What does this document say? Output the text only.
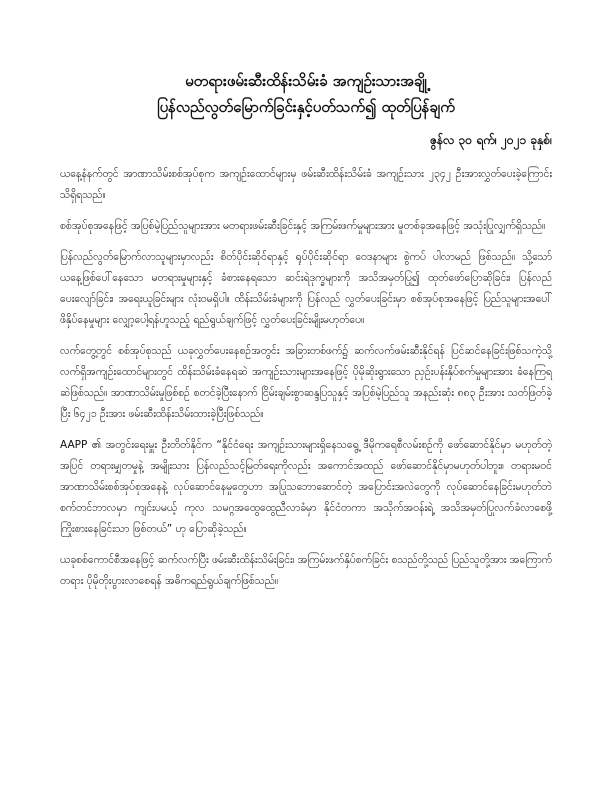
မတရားဖမ်းဆီးထိန်းသိမ်းခံ အကျဉ်းသားအချို့
ပြန်လည်လွတ်မြောက်ခြင်းနှင့်ပတ်သက်၍ ထုတ်ပြန်ချက်
ဇွန်လ ၃၀ ရက်၊ ၂၀၂၁ ခုနှစ်၊

ယနေ့နံနက်တွင် အာဏာသိမ်းစစ်အုပ်စုက အကျဉ်းထောင်များမှ ဖမ်းဆီးထိန်းသိမ်းခံ အကျဉ်းသား ၂၃၄၂ ဦးအားလွှတ်ပေးခဲ့ကြောင်း သိရှိရသည်။

စစ်အုပ်စုအနေဖြင့် အပြစ်မဲ့ပြည်သူများအား မတရားဖမ်းဆီးခြင်းနှင့် အကြမ်းဖက်မှုများအား မူတစ်ခုအနေဖြင့် အသုံးပြုလျှက်ရှိသည်။

ပြန်လည်လွတ်မြောက်လာသူများမှာလည်း စိတ်ပိုင်းဆိုင်ရာနှင့် ရုပ်ပိုင်းဆိုင်ရာ ဝေဒနာများ စွဲကပ် ပါလာမည် ဖြစ်သည်။ သို့သော် ယနေ့ဖြစ်ပေါ်နေသော မတရားမှုများနှင့် ခံစားနေရသော ဆင်းရဲဒုက္ခများကို အသိအမှတ်ပြု၍ ထုတ်ဖော်ပြောဆိုခြင်း၊ ပြန်လည်ပေးလျော်ခြင်း၊ အရေးယူခြင်းများ လုံးဝမရှိပါ။ ထိန်းသိမ်းခံများကို ပြန်လည် လွှတ်ပေးခြင်းမှာ စစ်အုပ်စုအနေဖြင့် ပြည်သူများအပေါ် ဖိနှိပ်နေမှုများ လျှော့ပေါ့ရန်ဟူသည့် ရည်ရွယ်ချက်ဖြင့် လွှတ်ပေးခြင်းမျိုးမဟုတ်ပေ။

လက်တွေ့တွင် စစ်အုပ်စုသည် ယခုလွှတ်ပေးနေစဉ်အတွင်း အခြားတစ်ဖက်၌ ဆက်လက်ဖမ်းဆီးနိုင်ရန် ပြင်ဆင်နေခြင်းဖြစ်သကဲ့သို့ လက်ရှိအကျဉ်းထောင်များတွင် ထိန်းသိမ်းခံနေရဆဲ အကျဉ်းသားများအနေဖြင့် ပိုမိုဆိုးရွားသော ညှဉ်းပန်းနှိပ်စက်မှုများအား ခံနေကြရဆဲဖြစ်သည်။ အာဏာသိမ်းမှုဖြစ်စဉ် စတင်ခဲ့ပြီးနောက် ငြိမ်းချမ်းစွာဆန္ဒပြသူနှင့် အပြစ်မဲ့ပြည်သူ အနည်းဆုံး ၈၈၃ ဦးအား သတ်ဖြတ်ခဲ့ပြီး ၆၄၂၁ ဦးအား ဖမ်းဆီးထိန်းသိမ်းထားခဲ့ပြီးဖြစ်သည်။

AAPP ၏ အတွင်းရေးမှူး ဦးတိတ်နိုင်က “နိုင်ငံရေး အကျဉ်းသားများရှိနေသရွေ့ ဒီမိုကရေစီလမ်းစဉ်ကို ဖော်ဆောင်နိုင်မှာ မဟုတ်တဲ့အပြင် တရားမျှတမှုနဲ့ အမျိုးသား ပြန်လည်သင့်မြတ်ရေးကိုလည်း အကောင်အထည် ဖော်ဆောင်နိုင်မှာမဟုတ်ပါဘူး။ တရားမဝင် အာဏာသိမ်းစစ်အုပ်စုအနေနဲ့ လုပ်ဆောင်နေမှုတွေဟာ အပြုသဘောဆောင်တဲ့ အပြောင်းအလဲတွေကို လုပ်ဆောင်နေခြင်းမဟုတ်ဘဲ စက်တင်ဘာလမှာ ကျင်းပမယ့် ကုလ သမဂ္ဂအထွေထွေညီလာခံမှာ နိုင်ငံတကာ အသိုက်အဝန်းရဲ့ အသိအမှတ်ပြုလက်ခံလာစေဖို့ ကြိုးစားနေခြင်းသာ ဖြစ်တယ်” ဟု ပြောဆိုခဲ့သည်။

ယခုစစ်ကောင်စီအနေဖြင့် ဆက်လက်ပြီး ဖမ်းဆီးထိန်းသိမ်းခြင်း၊ အကြမ်းဖက်နှိပ်စက်ခြင်း စသည်တို့သည် ပြည်သူတို့အား အကြောက်တရား ပိုမိုတိုးပွားလာစေရန် အဓိကရည်ရွယ်ချက်ဖြစ်သည်။
